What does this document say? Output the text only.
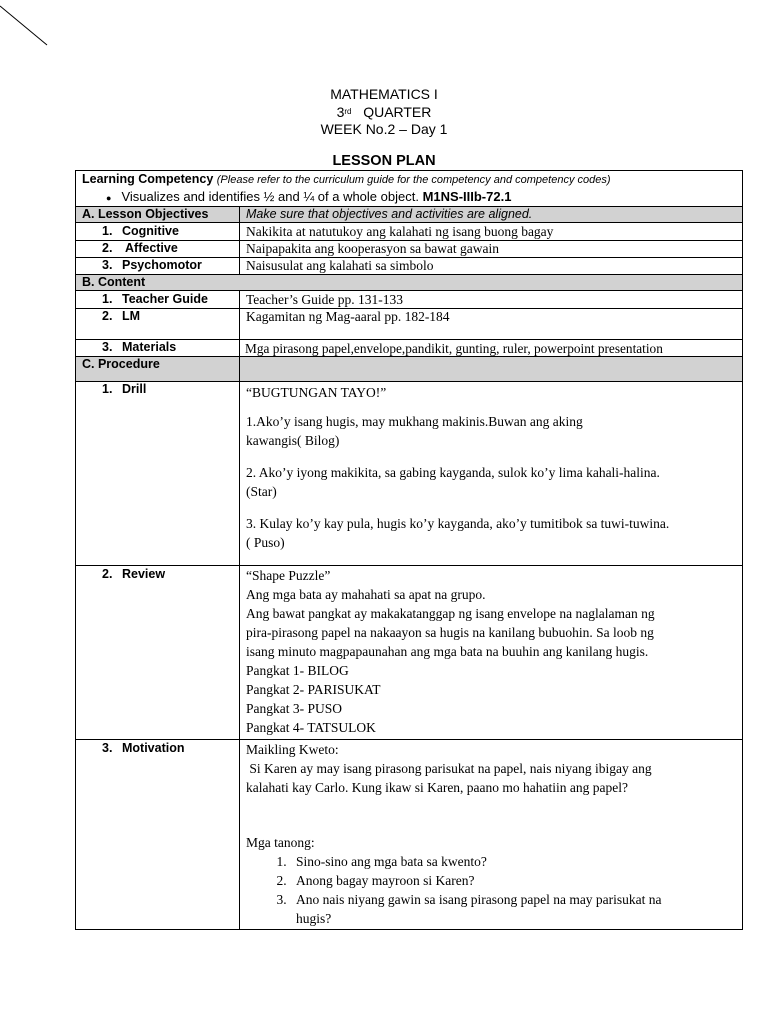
MATHEMATICS I
3rd QUARTER
WEEK No.2 – Day 1
LESSON PLAN
Learning Competency (Please refer to the curriculum guide for the competency and competency codes)
● Visualizes and identifies ½ and ¼ of a whole object. M1NS-IIIb-72.1
A. Lesson Objectives	Make sure that objectives and activities are aligned.
1. Cognitive	Nakikita at natutukoy ang kalahati ng isang buong bagay
2. Affective	Naipapakita ang kooperasyon sa bawat gawain
3. Psychomotor	Naisusulat ang kalahati sa simbolo
B. Content
1. Teacher Guide	Teacher’s Guide pp. 131-133
2. LM	Kagamitan ng Mag-aaral pp. 182-184
3. Materials	Mga pirasong papel,envelope,pandikit, gunting, ruler, powerpoint presentation
C. Procedure
1. Drill	“BUGTUNGAN TAYO!”

1.Ako’y isang hugis, may mukhang makinis.Buwan ang aking

kawangis( Bilog)

2. Ako’y iyong makikita, sa gabing kayganda, sulok ko’y lima kahali-halina.

(Star)

3. Kulay ko’y kay pula, hugis ko’y kayganda, ako’y tumitibok sa tuwi-tuwina.

( Puso)

2. Review	“Shape Puzzle”

Ang mga bata ay mahahati sa apat na grupo.

Ang bawat pangkat ay makakatanggap ng isang envelope na naglalaman ng

pira-pirasong papel na nakaayon sa hugis na kanilang bubuohin. Sa loob ng

isang minuto magpapaunahan ang mga bata na buuhin ang kanilang hugis.

Pangkat 1- BILOG

Pangkat 2- PARISUKAT

Pangkat 3- PUSO

Pangkat 4- TATSULOK

3. Motivation	Maikling Kweto:

Si Karen ay may isang pirasong parisukat na papel, nais niyang ibigay ang

kalahati kay Carlo. Kung ikaw si Karen, paano mo hahatiin ang papel?

Mga tanong:

1. Sino-sino ang mga bata sa kwento?
2. Anong bagay mayroon si Karen?
3. Ano nais niyang gawin sa isang pirasong papel na may parisukat na hugis?
